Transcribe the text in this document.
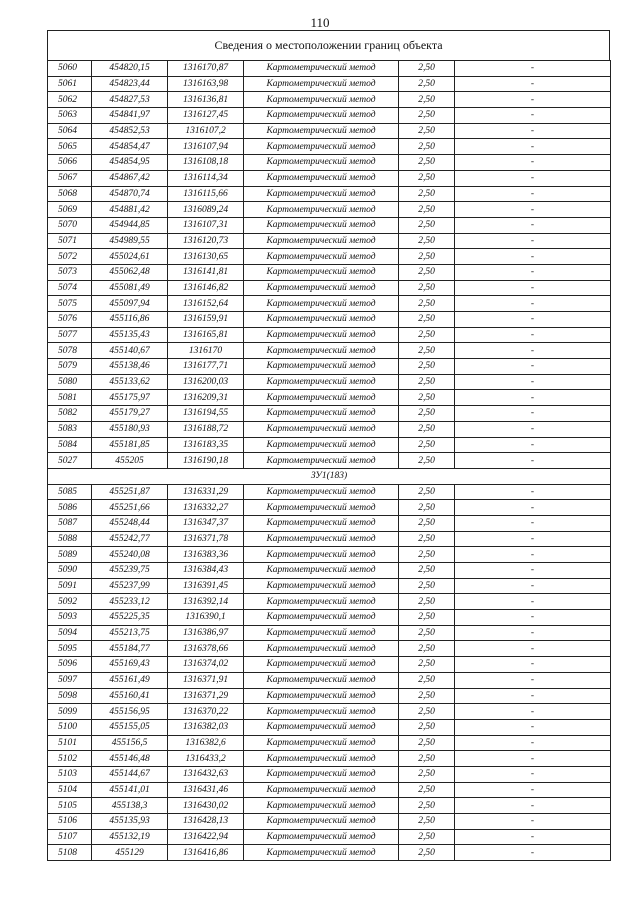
110
Сведения о местоположении границ объекта
5060	454820,15	1316170,87	Картометрический метод	2,50	-
5061	454823,44	1316163,98	Картометрический метод	2,50	-
5062	454827,53	1316136,81	Картометрический метод	2,50	-
5063	454841,97	1316127,45	Картометрический метод	2,50	-
5064	454852,53	1316107,2	Картометрический метод	2,50	-
5065	454854,47	1316107,94	Картометрический метод	2,50	-
5066	454854,95	1316108,18	Картометрический метод	2,50	-
5067	454867,42	1316114,34	Картометрический метод	2,50	-
5068	454870,74	1316115,66	Картометрический метод	2,50	-
5069	454881,42	1316089,24	Картометрический метод	2,50	-
5070	454944,85	1316107,31	Картометрический метод	2,50	-
5071	454989,55	1316120,73	Картометрический метод	2,50	-
5072	455024,61	1316130,65	Картометрический метод	2,50	-
5073	455062,48	1316141,81	Картометрический метод	2,50	-
5074	455081,49	1316146,82	Картометрический метод	2,50	-
5075	455097,94	1316152,64	Картометрический метод	2,50	-
5076	455116,86	1316159,91	Картометрический метод	2,50	-
5077	455135,43	1316165,81	Картометрический метод	2,50	-
5078	455140,67	1316170	Картометрический метод	2,50	-
5079	455138,46	1316177,71	Картометрический метод	2,50	-
5080	455133,62	1316200,03	Картометрический метод	2,50	-
5081	455175,97	1316209,31	Картометрический метод	2,50	-
5082	455179,27	1316194,55	Картометрический метод	2,50	-
5083	455180,93	1316188,72	Картометрический метод	2,50	-
5084	455181,85	1316183,35	Картометрический метод	2,50	-
5027	455205	1316190,18	Картометрический метод	2,50	-
ЗУ1(183)					
5085	455251,87	1316331,29	Картометрический метод	2,50	-
5086	455251,66	1316332,27	Картометрический метод	2,50	-
5087	455248,44	1316347,37	Картометрический метод	2,50	-
5088	455242,77	1316371,78	Картометрический метод	2,50	-
5089	455240,08	1316383,36	Картометрический метод	2,50	-
5090	455239,75	1316384,43	Картометрический метод	2,50	-
5091	455237,99	1316391,45	Картометрический метод	2,50	-
5092	455233,12	1316392,14	Картометрический метод	2,50	-
5093	455225,35	1316390,1	Картометрический метод	2,50	-
5094	455213,75	1316386,97	Картометрический метод	2,50	-
5095	455184,77	1316378,66	Картометрический метод	2,50	-
5096	455169,43	1316374,02	Картометрический метод	2,50	-
5097	455161,49	1316371,91	Картометрический метод	2,50	-
5098	455160,41	1316371,29	Картометрический метод	2,50	-
5099	455156,95	1316370,22	Картометрический метод	2,50	-
5100	455155,05	1316382,03	Картометрический метод	2,50	-
5101	455156,5	1316382,6	Картометрический метод	2,50	-
5102	455146,48	1316433,2	Картометрический метод	2,50	-
5103	455144,67	1316432,63	Картометрический метод	2,50	-
5104	455141,01	1316431,46	Картометрический метод	2,50	-
5105	455138,3	1316430,02	Картометрический метод	2,50	-
5106	455135,93	1316428,13	Картометрический метод	2,50	-
5107	455132,19	1316422,94	Картометрический метод	2,50	-
5108	455129	1316416,86	Картометрический метод	2,50	-
